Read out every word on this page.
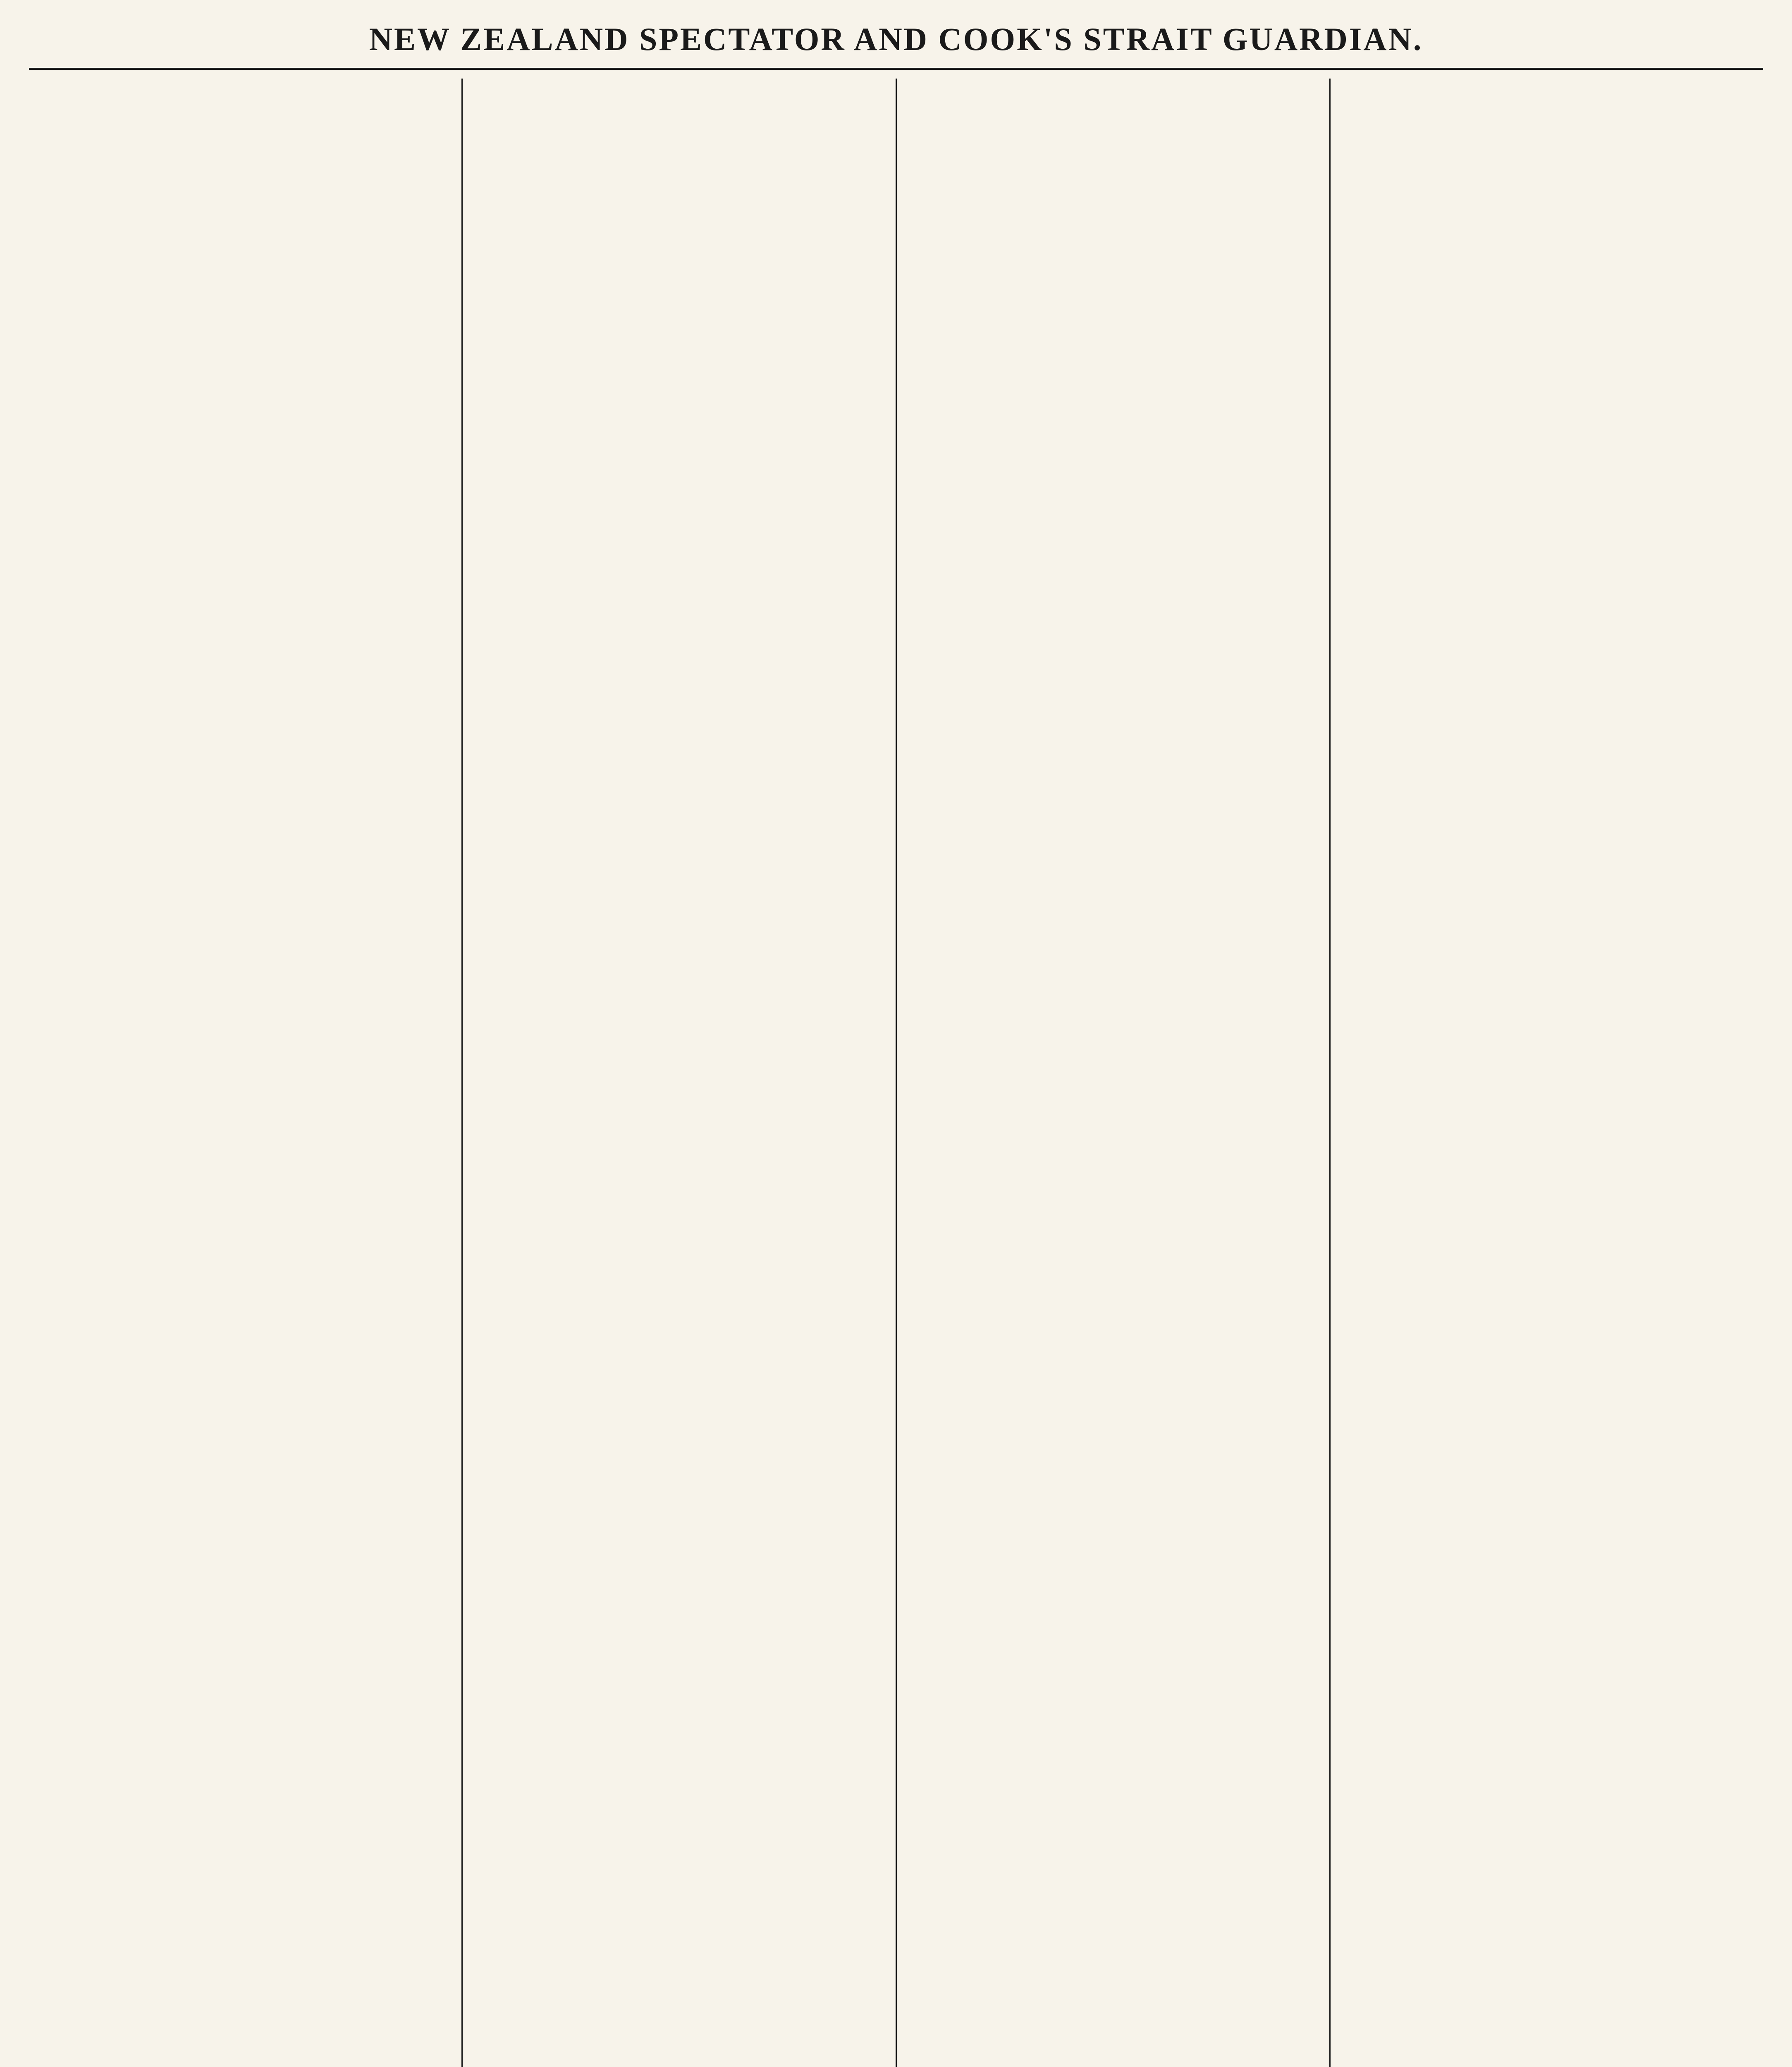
NEW ZEALAND SPECTATOR AND COOK'S STRAIT GUARDIAN.
